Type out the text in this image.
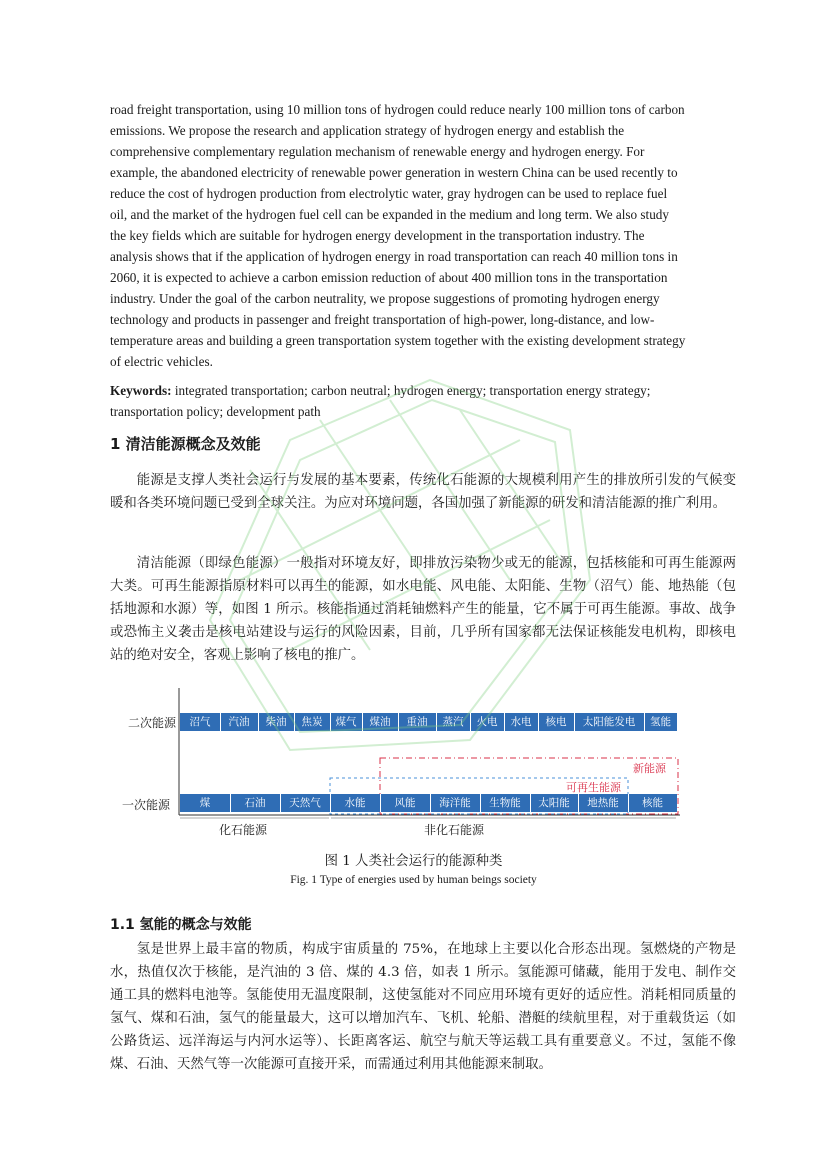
road freight transportation, using 10 million tons of hydrogen could reduce nearly 100 million tons of carbon
emissions. We propose the research and application strategy of hydrogen energy and establish the
comprehensive complementary regulation mechanism of renewable energy and hydrogen energy. For
example, the abandoned electricity of renewable power generation in western China can be used recently to
reduce the cost of hydrogen production from electrolytic water, gray hydrogen can be used to replace fuel
oil, and the market of the hydrogen fuel cell can be expanded in the medium and long term. We also study
the key fields which are suitable for hydrogen energy development in the transportation industry. The
analysis shows that if the application of hydrogen energy in road transportation can reach 40 million tons in
2060, it is expected to achieve a carbon emission reduction of about 400 million tons in the transportation
industry. Under the goal of the carbon neutrality, we propose suggestions of promoting hydrogen energy
technology and products in passenger and freight transportation of high-power, long-distance, and low-
temperature areas and building a green transportation system together with the existing development strategy
of electric vehicles.
Keywords: integrated transportation; carbon neutral; hydrogen energy; transportation energy strategy;
transportation policy; development path
1 清洁能源概念及效能
能源是支撑人类社会运行与发展的基本要素，传统化石能源的大规模利用产生的排放所引发的气候变暖和各类环境问题已受到全球关注。为应对环境问题，各国加强了新能源的研发和清洁能源的推广利用。
清洁能源（即绿色能源）一般指对环境友好，即排放污染物少或无的能源，包括核能和可再生能源两大类。可再生能源指原材料可以再生的能源，如水电能、风电能、太阳能、生物（沼气）能、地热能（包括地源和水源）等，如图 1 所示。核能指通过消耗铀燃料产生的能量，它不属于可再生能源。事故、战争或恐怖主义袭击是核电站建设与运行的风险因素，目前，几乎所有国家都无法保证核能发电机构，即核电站的绝对安全，客观上影响了核电的推广。
二次能源
一次能源
沼气	汽油	柴油	焦炭	煤气	煤油	重油	蒸汽	火电	水电	核电	太阳能发电	氢能
新能源
可再生能源
煤	石油	天然气	水能	风能	海洋能	生物能	太阳能	地热能	核能
化石能源	非化石能源
图 1 人类社会运行的能源种类
Fig. 1 Type of energies used by human beings society
1.1 氢能的概念与效能
氢是世界上最丰富的物质，构成宇宙质量的 75%，在地球上主要以化合形态出现。氢燃烧的产物是水，热值仅次于核能，是汽油的 3 倍、煤的 4.3 倍，如表 1 所示。氢能源可储藏，能用于发电、制作交通工具的燃料电池等。氢能使用无温度限制，这使氢能对不同应用环境有更好的适应性。消耗相同质量的氢气、煤和石油，氢气的能量最大，这可以增加汽车、飞机、轮船、潜艇的续航里程，对于重载货运（如公路货运、远洋海运与内河水运等）、长距离客运、航空与航天等运载工具有重要意义。不过，氢能不像煤、石油、天然气等一次能源可直接开采，而需通过利用其他能源来制取。
